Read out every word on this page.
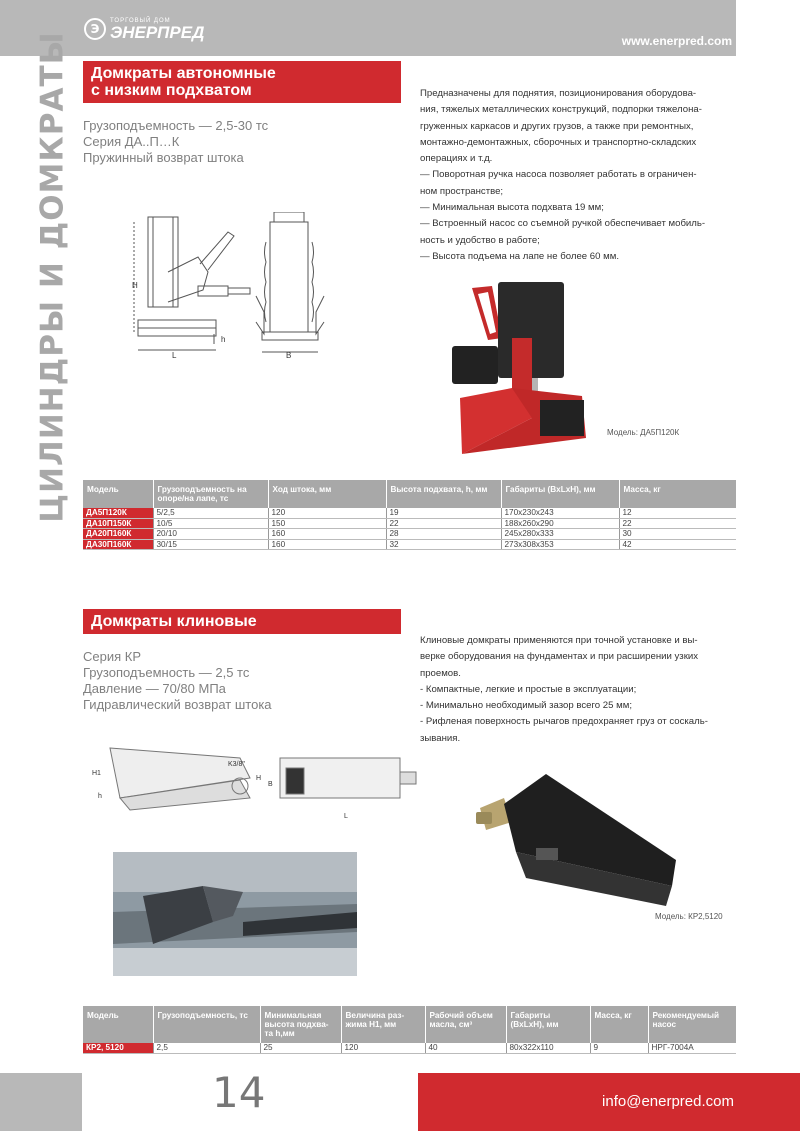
Э
ТОРГОВЫЙ ДОМ
ЭНЕРПРЕД	www.enerpred.com
ЦИЛИНДРЫ И ДОМКРАТЫ Домкраты автономные
с низким подхватом
Грузоподъемность — 2,5-30 тс
Серия ДА..П…К
Пружинный возврат штока
Предназначены для поднятия, позиционирования оборудова-
ния, тяжелых металлических конструкций, подпорки тяжелона-
груженных каркасов и других грузов, а также при ремонтных,
монтажно-демонтажных, сборочных и транспортно-складских
операциях и т.д.
— Поворотная ручка насоса позволяет работать в ограничен-
ном пространстве;
— Минимальная высота подхвата 19 мм;
— Встроенный насос со съемной ручкой обеспечивает мобиль-
ность и удобство в работе;
— Высота подъема на лапе не более 60 мм.
H
L
h
B
Модель: ДА5П120К
Модель	Грузоподъемность на опоре/на лапе, тс	Ход штока, мм	Высота подхвата, h, мм	Габариты (BxLxH), мм	Масса, кг
ДА5П120К	5/2,5	120	19	170x230x243	12
ДА10П150К	10/5	150	22	188x260x290	22
ДА20П160К	20/10	160	28	245x280x333	30
ДА30П160К	30/15	160	32	273x308x353	42
Домкраты клиновые
Серия КР
Грузоподъемность — 2,5 тс
Давление — 70/80 МПа
Гидравлический возврат штока
Клиновые домкраты применяются при точной установке и вы-
верке оборудования на фундаментах и при расширении узких
проемов.
- Компактные, легкие и простые в эксплуатации;
- Минимально необходимый зазор всего 25 мм;
- Рифленая поверхность рычагов предохраняет груз от соскаль-
зывания.
H1
h
K3/8"
H
B
L
Модель: КР2,5120
Модель	Грузоподъемность, тс	Минимальная высота подхва-та h,мм	Величина раз-жима H1, мм	Рабочий объем масла, см³	Габариты (BxLxH), мм	Масса, кг	Рекомендуемый насос
КР2, 5120	2,5	25	120	40	80x322x110	9	НРГ-7004А
14	info@enerpred.com
